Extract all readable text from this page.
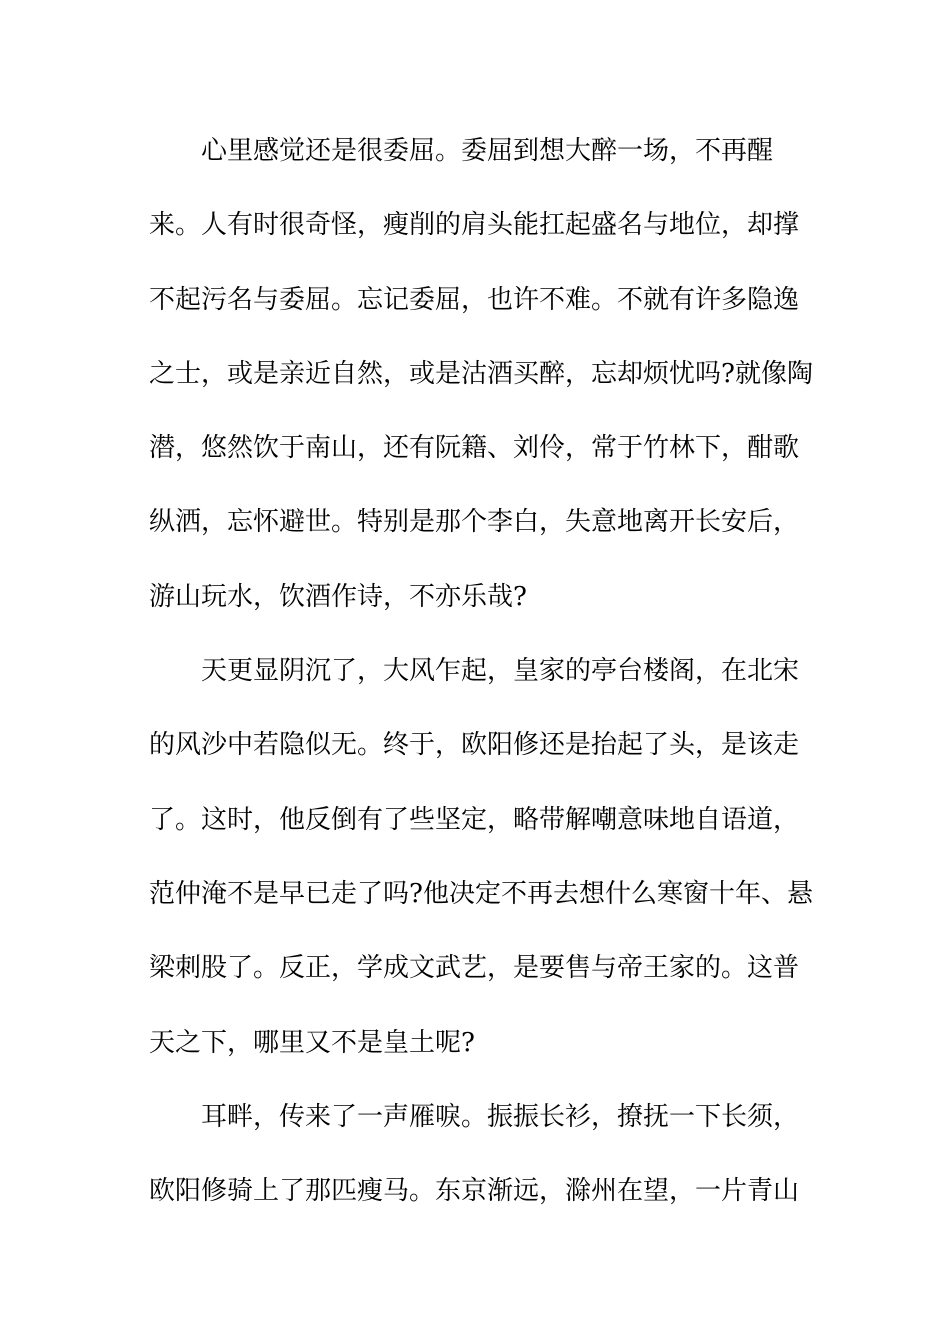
心里感觉还是很委屈。委屈到想大醉一场，不再醒
来。人有时很奇怪，瘦削的肩头能扛起盛名与地位，却撑
不起污名与委屈。忘记委屈，也许不难。不就有许多隐逸
之士，或是亲近自然，或是沽酒买醉，忘却烦忧吗?就像陶
潜，悠然饮于南山，还有阮籍、刘伶，常于竹林下，酣歌
纵洒，忘怀避世。特别是那个李白，失意地离开长安后，
游山玩水，饮酒作诗，不亦乐哉?
天更显阴沉了，大风乍起，皇家的亭台楼阁，在北宋
的风沙中若隐似无。终于，欧阳修还是抬起了头，是该走
了。这时，他反倒有了些坚定，略带解嘲意味地自语道，
范仲淹不是早已走了吗?他决定不再去想什么寒窗十年、悬
梁刺股了。反正，学成文武艺，是要售与帝王家的。这普
天之下，哪里又不是皇土呢?
耳畔，传来了一声雁唳。振振长衫，撩抚一下长须，
欧阳修骑上了那匹瘦马。东京渐远，滁州在望，一片青山
